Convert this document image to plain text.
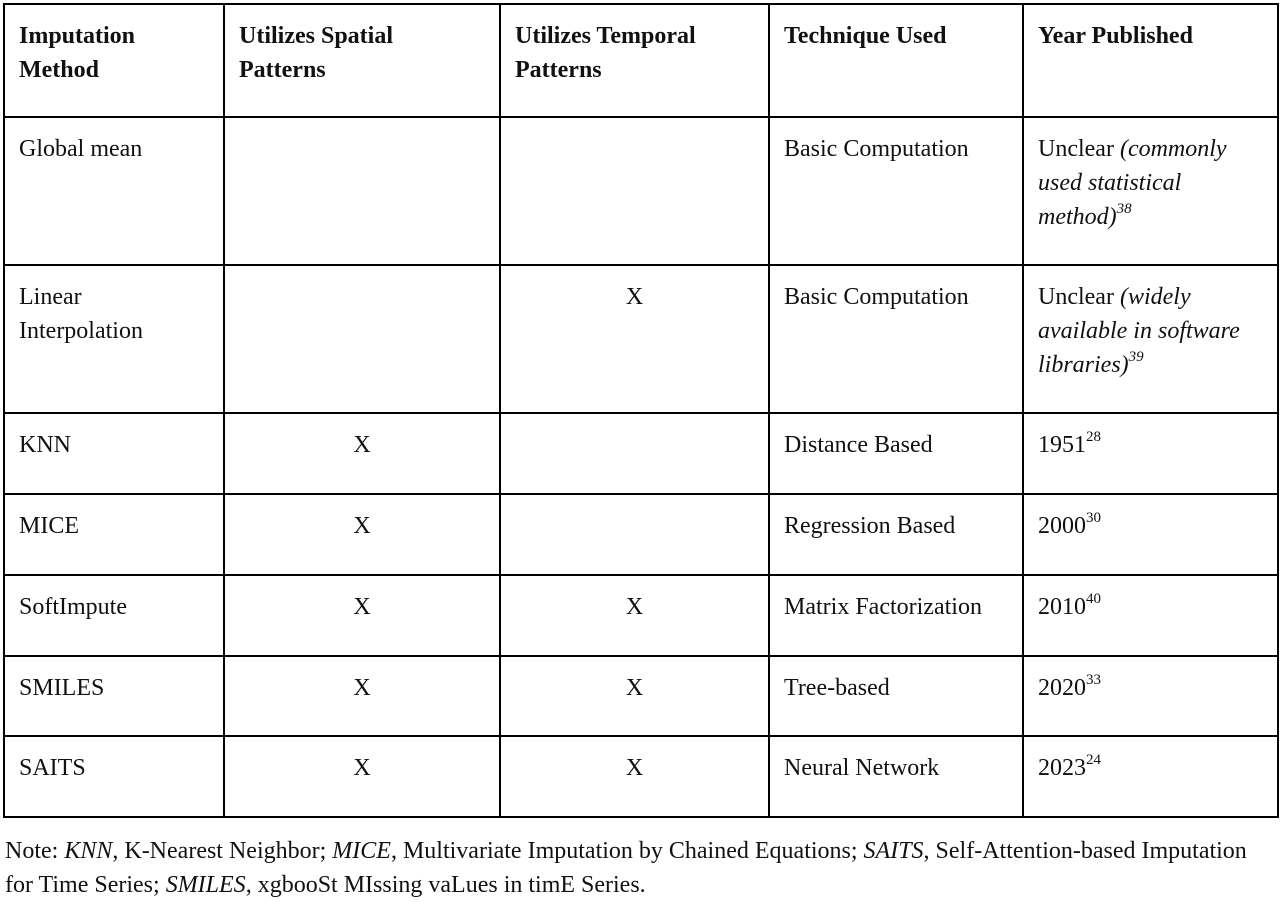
Imputation Method	Utilizes Spatial Patterns	Utilizes Temporal Patterns	Technique Used	Year Published
Global mean			Basic Computation	Unclear (commonly used statistical method)$^{38}$
Linear Interpolation		X	Basic Computation	Unclear (widely available in software libraries)$^{39}$
KNN	X		Distance Based	1951$^{28}$
MICE	X		Regression Based	2000$^{30}$
SoftImpute	X	X	Matrix Factorization	2010$^{40}$
SMILES	X	X	Tree-based	2020$^{33}$
SAITS	X	X	Neural Network	2023$^{24}$
Note: KNN, K-Nearest Neighbor; MICE, Multivariate Imputation by Chained Equations; SAITS, Self-Attention-based Imputation for Time Series; SMILES, xgbooSt MIssing vaLues in timE Series.
